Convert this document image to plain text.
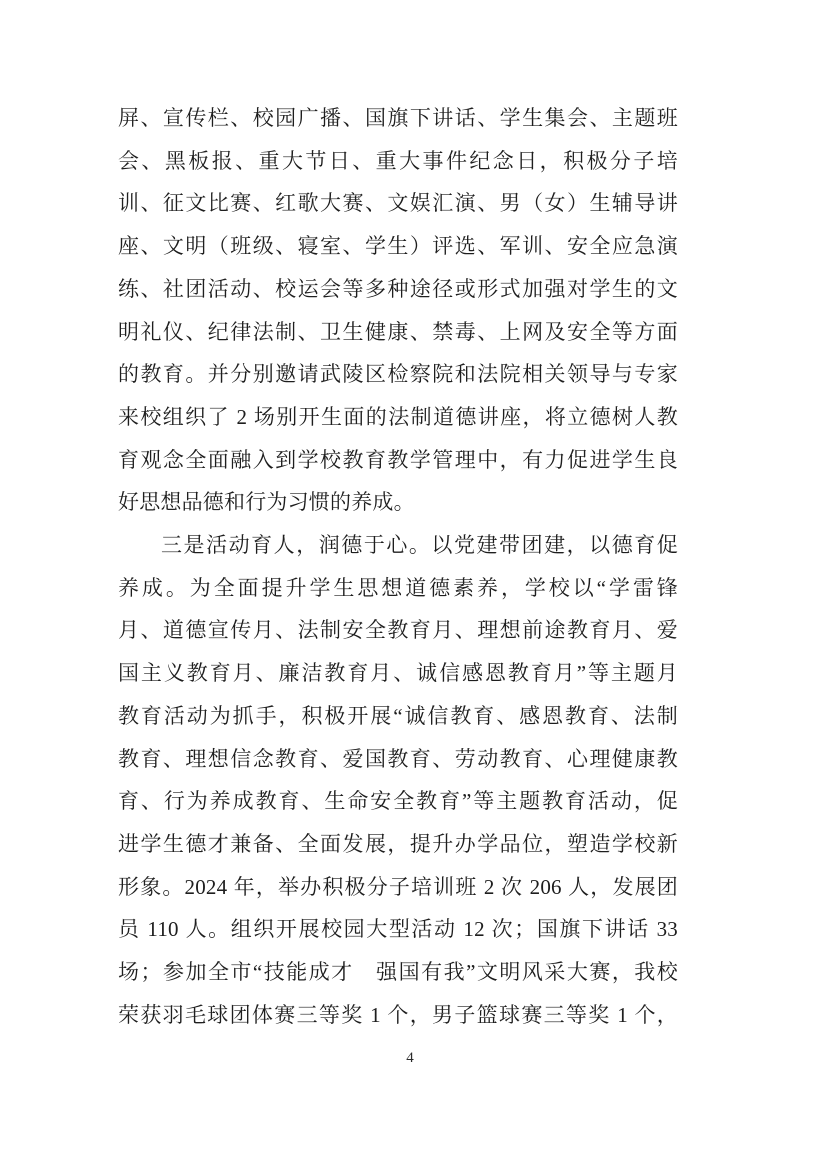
屏、宣传栏、校园广播、国旗下讲话、学生集会、主题班
会、黑板报、重大节日、重大事件纪念日，积极分子培
训、征文比赛、红歌大赛、文娱汇演、男（女）生辅导讲
座、文明（班级、寝室、学生）评选、军训、安全应急演
练、社团活动、校运会等多种途径或形式加强对学生的文
明礼仪、纪律法制、卫生健康、禁毒、上网及安全等方面
的教育。并分别邀请武陵区检察院和法院相关领导与专家
来校组织了 2 场别开生面的法制道德讲座，将立德树人教
育观念全面融入到学校教育教学管理中，有力促进学生良
好思想品德和行为习惯的养成。
三是活动育人，润德于心。以党建带团建，以德育促
养成。为全面提升学生思想道德素养，学校以“学雷锋
月、道德宣传月、法制安全教育月、理想前途教育月、爱
国主义教育月、廉洁教育月、诚信感恩教育月”等主题月
教育活动为抓手，积极开展“诚信教育、感恩教育、法制
教育、理想信念教育、爱国教育、劳动教育、心理健康教
育、行为养成教育、生命安全教育”等主题教育活动，促
进学生德才兼备、全面发展，提升办学品位，塑造学校新
形象。2024 年，举办积极分子培训班 2 次 206 人，发展团
员 110 人。组织开展校园大型活动 12 次；国旗下讲话 33
场；参加全市“技能成才　强国有我”文明风采大赛，我校
荣获羽毛球团体赛三等奖 1 个，男子篮球赛三等奖 1 个，
4
